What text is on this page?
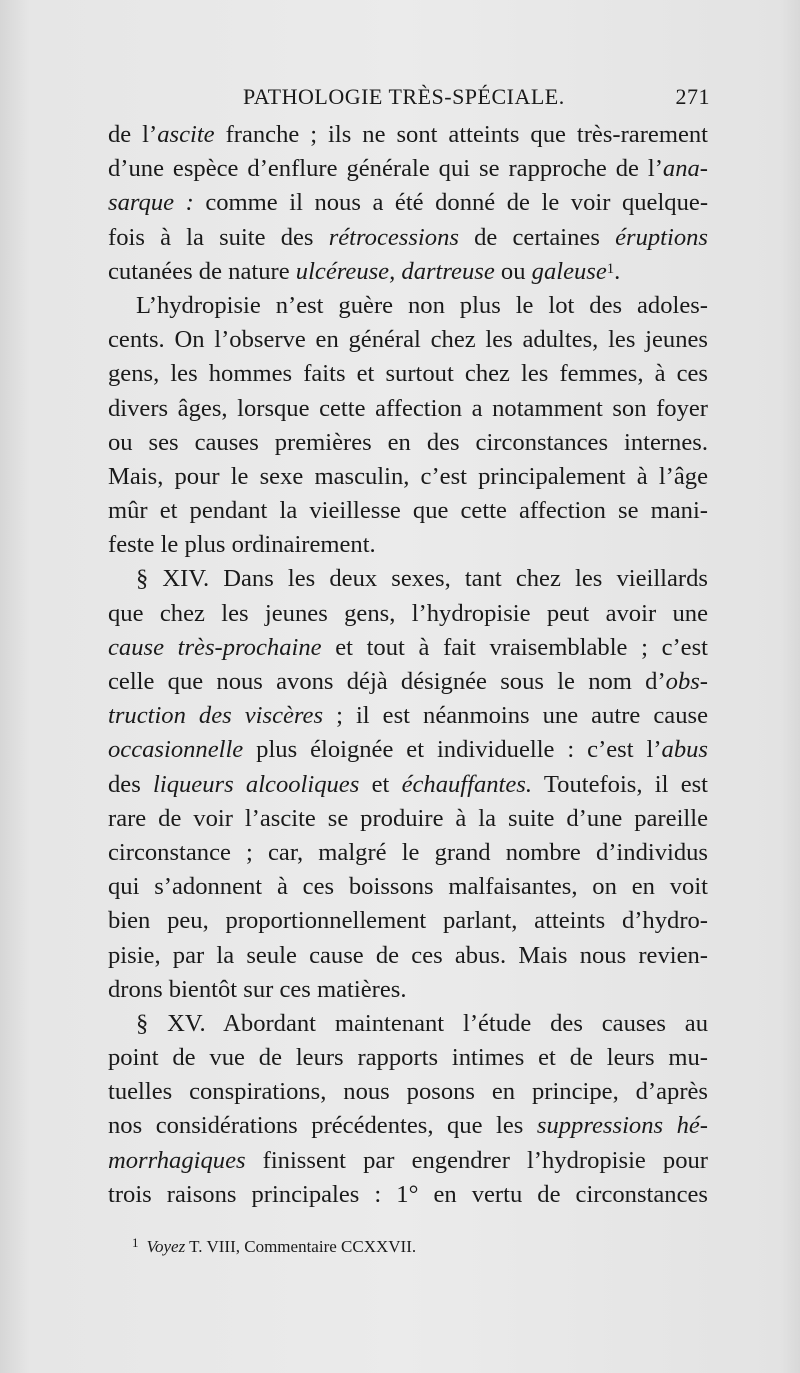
PATHOLOGIE TRÈS-SPÉCIALE.	271
de l’ascite franche ; ils ne sont atteints que très-rarement
d’une espèce d’enflure générale qui se rapproche de l’ana-
sarque : comme il nous a été donné de le voir quelque-
fois à la suite des rétrocessions de certaines éruptions
cutanées de nature ulcéreuse, dartreuse ou galeuse$^1$.
L’hydropisie n’est guère non plus le lot des adoles-
cents. On l’observe en général chez les adultes, les jeunes
gens, les hommes faits et surtout chez les femmes, à ces
divers âges, lorsque cette affection a notamment son foyer
ou ses causes premières en des circonstances internes.
Mais, pour le sexe masculin, c’est principalement à l’âge
mûr et pendant la vieillesse que cette affection se mani-
feste le plus ordinairement.
§ XIV. Dans les deux sexes, tant chez les vieillards
que chez les jeunes gens, l’hydropisie peut avoir une
cause très-prochaine et tout à fait vraisemblable ; c’est
celle que nous avons déjà désignée sous le nom d’obs-
truction des viscères ; il est néanmoins une autre cause
occasionnelle plus éloignée et individuelle : c’est l’abus
des liqueurs alcooliques et échauffantes. Toutefois, il est
rare de voir l’ascite se produire à la suite d’une pareille
circonstance ; car, malgré le grand nombre d’individus
qui s’adonnent à ces boissons malfaisantes, on en voit
bien peu, proportionnellement parlant, atteints d’hydro-
pisie, par la seule cause de ces abus. Mais nous revien-
drons bientôt sur ces matières.
§ XV. Abordant maintenant l’étude des causes au
point de vue de leurs rapports intimes et de leurs mu-
tuelles conspirations, nous posons en principe, d’après
nos considérations précédentes, que les suppressions hé-
morrhagiques finissent par engendrer l’hydropisie pour
trois raisons principales : 1° en vertu de circonstances
$^1$ Voyez T. VIII, Commentaire CCXXVII.
